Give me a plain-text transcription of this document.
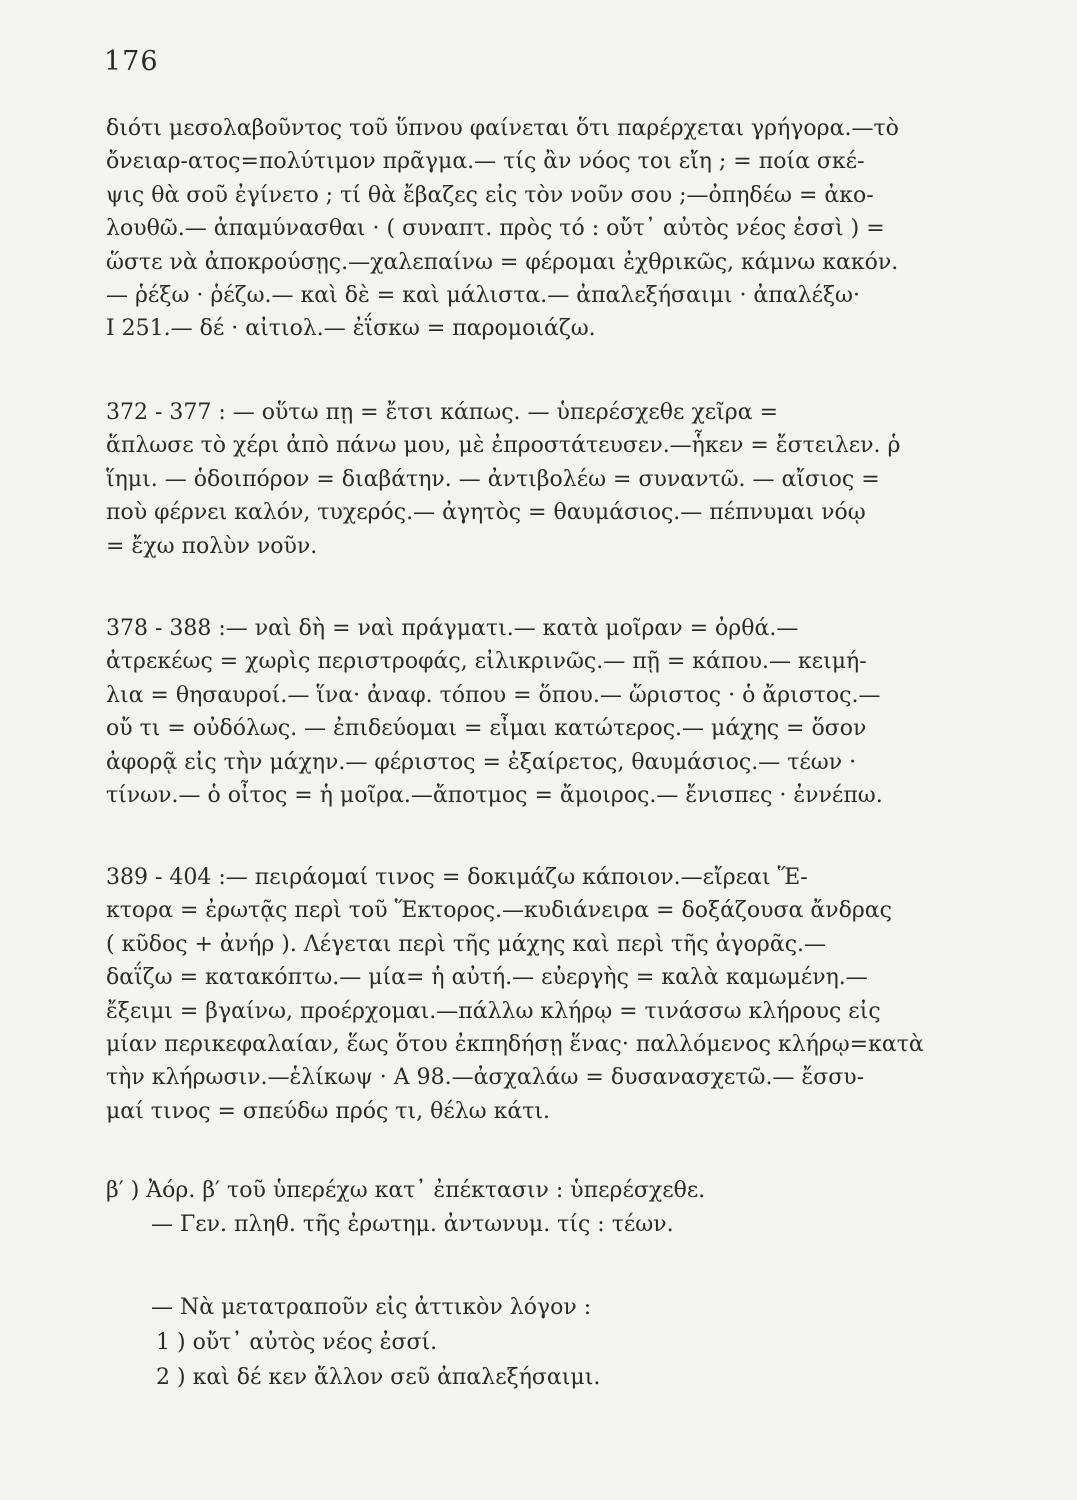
176
διότι μεσολαβοῦντος τοῦ ὕπνου φαίνεται ὅτι παρέρχεται γρήγορα.—τὸ
ὄνειαρ-ατος=πολύτιμον πρᾶγμα.— τίς ἂν νόος τοι εἴη ; = ποία σκέ-
ψις θὰ σοῦ ἐγίνετο ; τί θὰ ἔβαζες εἰς τὸν νοῦν σου ;—ὀπηδέω = ἀκο-
λουθῶ.— ἀπαμύνασθαι · ( συναπτ. πρὸς τό : οὔτ᾽ αὐτὸς νέος ἐσσὶ ) =
ὥστε νὰ ἀποκρούσῃς.—χαλεπαίνω = φέρομαι ἐχθρικῶς, κάμνω κακόν.
— ῥέξω · ῥέζω.— καὶ δὲ = καὶ μάλιστα.— ἀπαλεξήσαιμι · ἀπαλέξω·
Ι 251.— δέ · αἰτιολ.— ἐΐσκω = παρομοιάζω.
372 - 377 : — οὕτω πῃ = ἔτσι κάπως. — ὑπερέσχεθε χεῖρα =
ἅπλωσε τὸ χέρι ἀπὸ πάνω μου, μὲ ἐπροστάτευσεν.—ἧκεν = ἔστειλεν. ῥ
ἵημι. — ὁδοιπόρον = διαβάτην. — ἀντιβολέω = συναντῶ. — αἴσιος =
ποὺ φέρνει καλόν, τυχερός.— ἀγητὸς = θαυμάσιος.— πέπνυμαι νόῳ
= ἔχω πολὺν νοῦν.
378 - 388 :— ναὶ δὴ = ναὶ πράγματι.— κατὰ μοῖραν = ὀρθά.—
ἀτρεκέως = χωρὶς περιστροφάς, εἰλικρινῶς.— πῇ = κάπου.— κειμή-
λια = θησαυροί.— ἵνα· ἀναφ. τόπου = ὅπου.— ὥριστος · ὁ ἄριστος.—
οὔ τι = οὐδόλως. — ἐπιδεύομαι = εἶμαι κατώτερος.— μάχης = ὅσον
ἀφορᾷ εἰς τὴν μάχην.— φέριστος = ἐξαίρετος, θαυμάσιος.— τέων ·
τίνων.— ὁ οἶτος = ἡ μοῖρα.—ἄποτμος = ἄμοιρος.— ἔνισπες · ἐννέπω.
389 - 404 :— πειράομαί τινος = δοκιμάζω κάποιον.—εἴρεαι Ἕ-
κτορα = ἐρωτᾷς περὶ τοῦ Ἕκτορος.—κυδιάνειρα = δοξάζουσα ἄνδρας
( κῦδος + ἀνήρ ). Λέγεται περὶ τῆς μάχης καὶ περὶ τῆς ἀγορᾶς.—
δαΐζω = κατακόπτω.— μία= ἡ αὐτή.— εὐεργὴς = καλὰ καμωμένη.—
ἔξειμι = βγαίνω, προέρχομαι.—πάλλω κλήρῳ = τινάσσω κλήρους εἰς
μίαν περικεφαλαίαν, ἕως ὅτου ἐκπηδήσῃ ἕνας· παλλόμενος κλήρῳ=κατὰ
τὴν κλήρωσιν.—ἑλίκωψ · Α 98.—ἀσχαλάω = δυσανασχετῶ.— ἔσσυ-
μαί τινος = σπεύδω πρός τι, θέλω κάτι.
β′ ) Ἀόρ. β′ τοῦ ὑπερέχω κατ᾽ ἐπέκτασιν : ὑπερέσχεθε.
— Γεν. πληθ. τῆς ἐρωτημ. ἀντωνυμ. τίς : τέων.
— Νὰ μετατραποῦν εἰς ἀττικὸν λόγον :
1 ) οὔτ᾽ αὐτὸς νέος ἐσσί.
2 ) καὶ δέ κεν ἄλλον σεῦ ἀπαλεξήσαιμι.
